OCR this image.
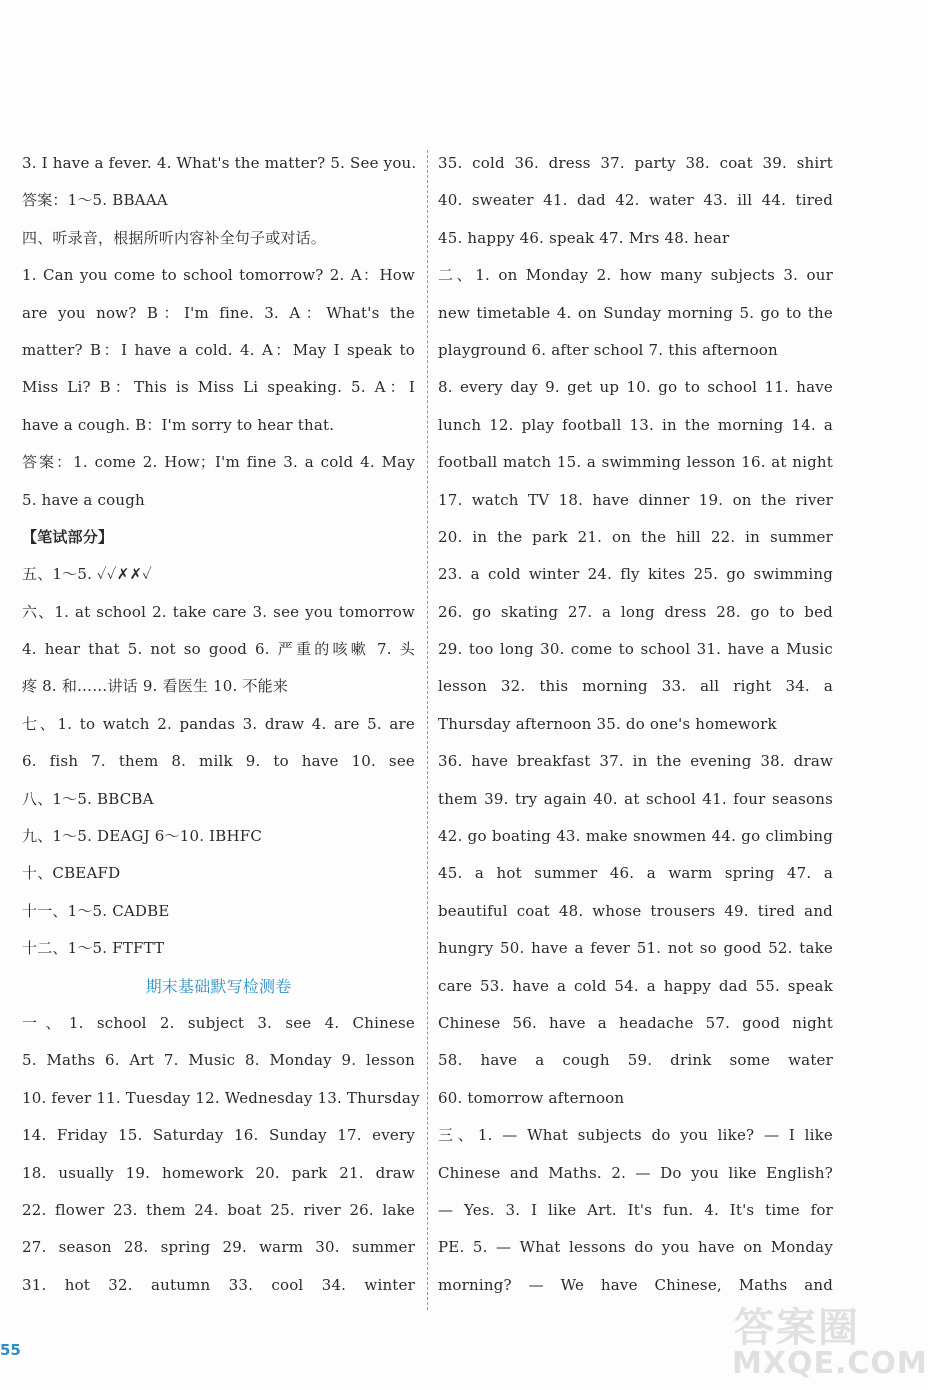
3. I have a fever. 4. What's the matter? 5. See you.
答案：1～5. BBAAA
四、听录音，根据所听内容补全句子或对话。
1. Can you come to school tomorrow? 2. A：How
are you now? B：I'm fine. 3. A：What's the
matter? B：I have a cold. 4. A：May I speak to
Miss Li? B：This is Miss Li speaking. 5. A：I
have a cough. B：I'm sorry to hear that.
答案：1. come 2. How；I'm fine 3. a cold 4. May
5. have a cough
【笔试部分】
五、1～5. ✓✓✗✗✓
六、1. at school 2. take care 3. see you tomorrow
4. hear that 5. not so good 6. 严重的咳嗽 7. 头
疼 8. 和……讲话 9. 看医生 10. 不能来
七、1. to watch 2. pandas 3. draw 4. are 5. are
6. fish 7. them 8. milk 9. to have 10. see
八、1～5. BBCBA
九、1～5. DEAGJ 6～10. IBHFC
十、CBEAFD
十一、1～5. CADBE
十二、1～5. FTFTT
期末基础默写检测卷
一、1. school 2. subject 3. see 4. Chinese
5. Maths 6. Art 7. Music 8. Monday 9. lesson
10. fever 11. Tuesday 12. Wednesday 13. Thursday
14. Friday 15. Saturday 16. Sunday 17. every
18. usually 19. homework 20. park 21. draw
22. flower 23. them 24. boat 25. river 26. lake
27. season 28. spring 29. warm 30. summer
31. hot 32. autumn 33. cool 34. winter
35. cold 36. dress 37. party 38. coat 39. shirt
40. sweater 41. dad 42. water 43. ill 44. tired
45. happy 46. speak 47. Mrs 48. hear
二、1. on Monday 2. how many subjects 3. our
new timetable 4. on Sunday morning 5. go to the
playground 6. after school 7. this afternoon
8. every day 9. get up 10. go to school 11. have
lunch 12. play football 13. in the morning 14. a
football match 15. a swimming lesson 16. at night
17. watch TV 18. have dinner 19. on the river
20. in the park 21. on the hill 22. in summer
23. a cold winter 24. fly kites 25. go swimming
26. go skating 27. a long dress 28. go to bed
29. too long 30. come to school 31. have a Music
lesson 32. this morning 33. all right 34. a
Thursday afternoon 35. do one's homework
36. have breakfast 37. in the evening 38. draw
them 39. try again 40. at school 41. four seasons
42. go boating 43. make snowmen 44. go climbing
45. a hot summer 46. a warm spring 47. a
beautiful coat 48. whose trousers 49. tired and
hungry 50. have a fever 51. not so good 52. take
care 53. have a cold 54. a happy dad 55. speak
Chinese 56. have a headache 57. good night
58. have a cough 59. drink some water
60. tomorrow afternoon
三、1. — What subjects do you like? — I like
Chinese and Maths. 2. — Do you like English?
— Yes. 3. I like Art. It's fun. 4. It's time for
PE. 5. — What lessons do you have on Monday
morning? — We have Chinese, Maths and
55	答案圈
MXQE.COM
